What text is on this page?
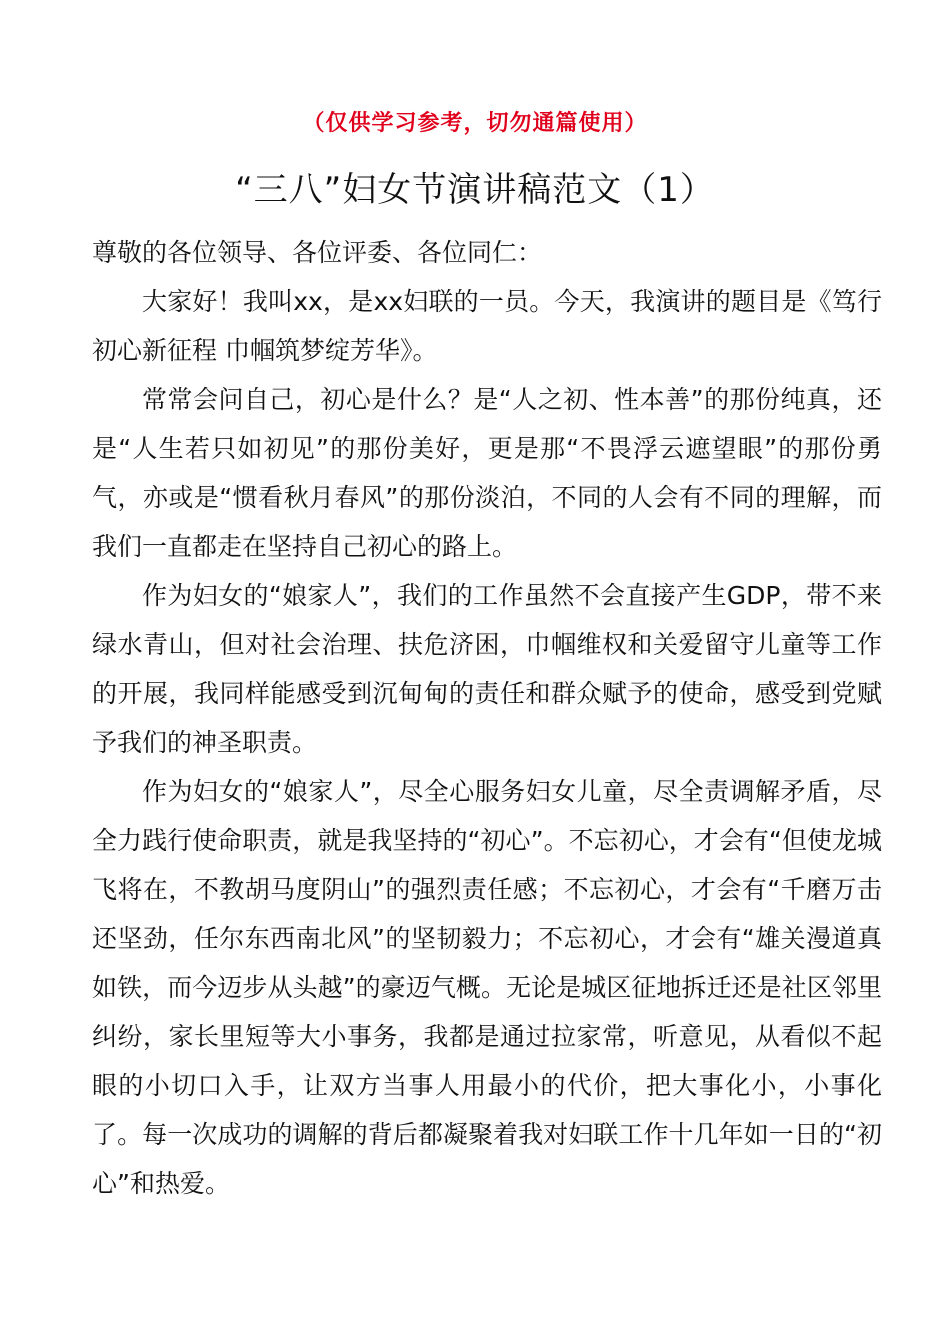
（仅供学习参考，切勿通篇使用）
“三八”妇女节演讲稿范文（1）

尊敬的各位领导、各位评委、各位同仁：

大家好！我叫xx，是xx妇联的一员。今天，我演讲的题目是《笃行初心新征程 巾帼筑梦绽芳华》。

常常会问自己，初心是什么？是“人之初、性本善”的那份纯真，还是“人生若只如初见”的那份美好，更是那“不畏浮云遮望眼”的那份勇气，亦或是“惯看秋月春风”的那份淡泊，不同的人会有不同的理解，而我们一直都走在坚持自己初心的路上。

作为妇女的“娘家人”，我们的工作虽然不会直接产生GDP，带不来绿水青山，但对社会治理、扶危济困，巾帼维权和关爱留守儿童等工作的开展，我同样能感受到沉甸甸的责任和群众赋予的使命，感受到党赋予我们的神圣职责。

作为妇女的“娘家人”，尽全心服务妇女儿童，尽全责调解矛盾，尽全力践行使命职责，就是我坚持的“初心”。不忘初心，才会有“但使龙城飞将在，不教胡马度阴山”的强烈责任感；不忘初心，才会有“千磨万击还坚劲，任尔东西南北风”的坚韧毅力；不忘初心，才会有“雄关漫道真如铁，而今迈步从头越”的豪迈气概。无论是城区征地拆迁还是社区邻里纠纷，家长里短等大小事务，我都是通过拉家常，听意见，从看似不起眼的小切口入手，让双方当事人用最小的代价，把大事化小，小事化了。每一次成功的调解的背后都凝聚着我对妇联工作十几年如一日的“初心”和热爱。
